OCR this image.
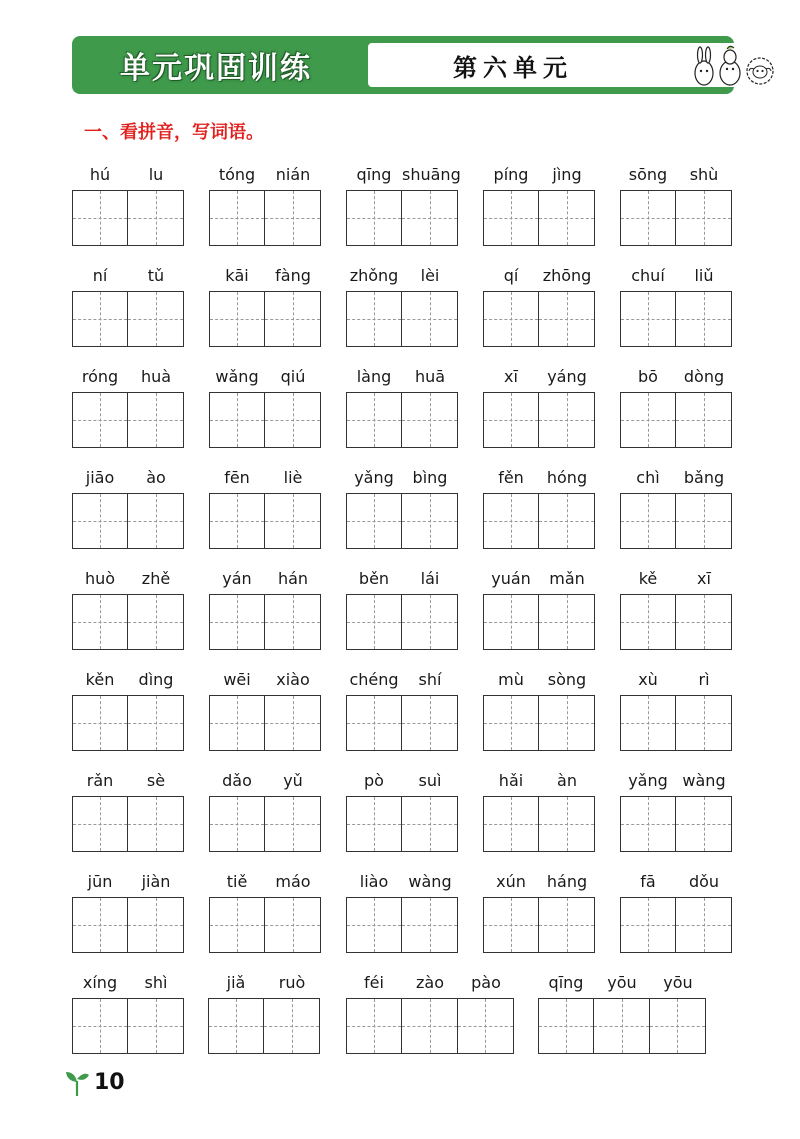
单元巩固训练	第六单元
一、看拼音，写词语。
hú	lu	tóng	nián	qīng shuāng	píng	jìng	sōng	shù
ní	tǔ	kāi	fàng	zhǒng	lèi	qí	zhōng	chuí	liǔ
róng	huà	wǎng	qiú	làng	huā	xī	yáng	bō	dòng
jiāo	ào	fēn	liè	yǎng	bìng	fěn	hóng	chì	bǎng
huò	zhě	yán	hán	běn	lái	yuán	mǎn	kě	xī
kěn	dìng	wēi	xiào	chéng	shí	mù	sòng	xù	rì
rǎn	sè	dǎo	yǔ	pò	suì	hǎi	àn	yǎng wàng
jūn	jiàn	tiě	máo	liào	wàng	xún	háng	fā	dǒu
xíng	shì	jiǎ	ruò	féi	zào	pào	qīng	yōu	yōu
10
